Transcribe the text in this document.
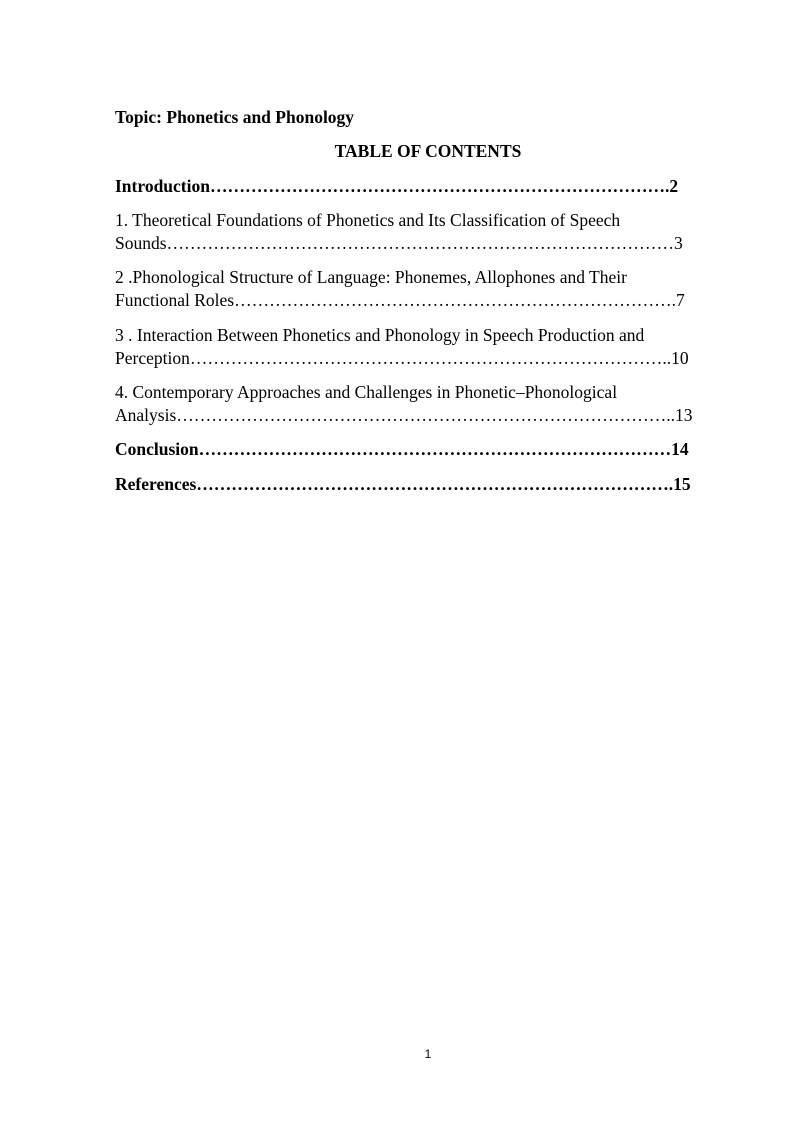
Topic: Phonetics and Phonology
TABLE OF CONTENTS
Introduction…………………………………………………………………….2
1. Theoretical Foundations of Phonetics and Its Classification of Speech
Sounds……………………………………………………………………………3
2 .Phonological Structure of Language: Phonemes, Allophones and Their
Functional Roles………………………………………………………………….7
3 . Interaction Between Phonetics and Phonology in Speech Production and
Perception………………………………………………………………………..10
4. Contemporary Approaches and Challenges in Phonetic–Phonological
Analysis…………………………………………………………………………..13
Conclusion………………………………………………………………………14
References……………………………………………………………………….15
1
